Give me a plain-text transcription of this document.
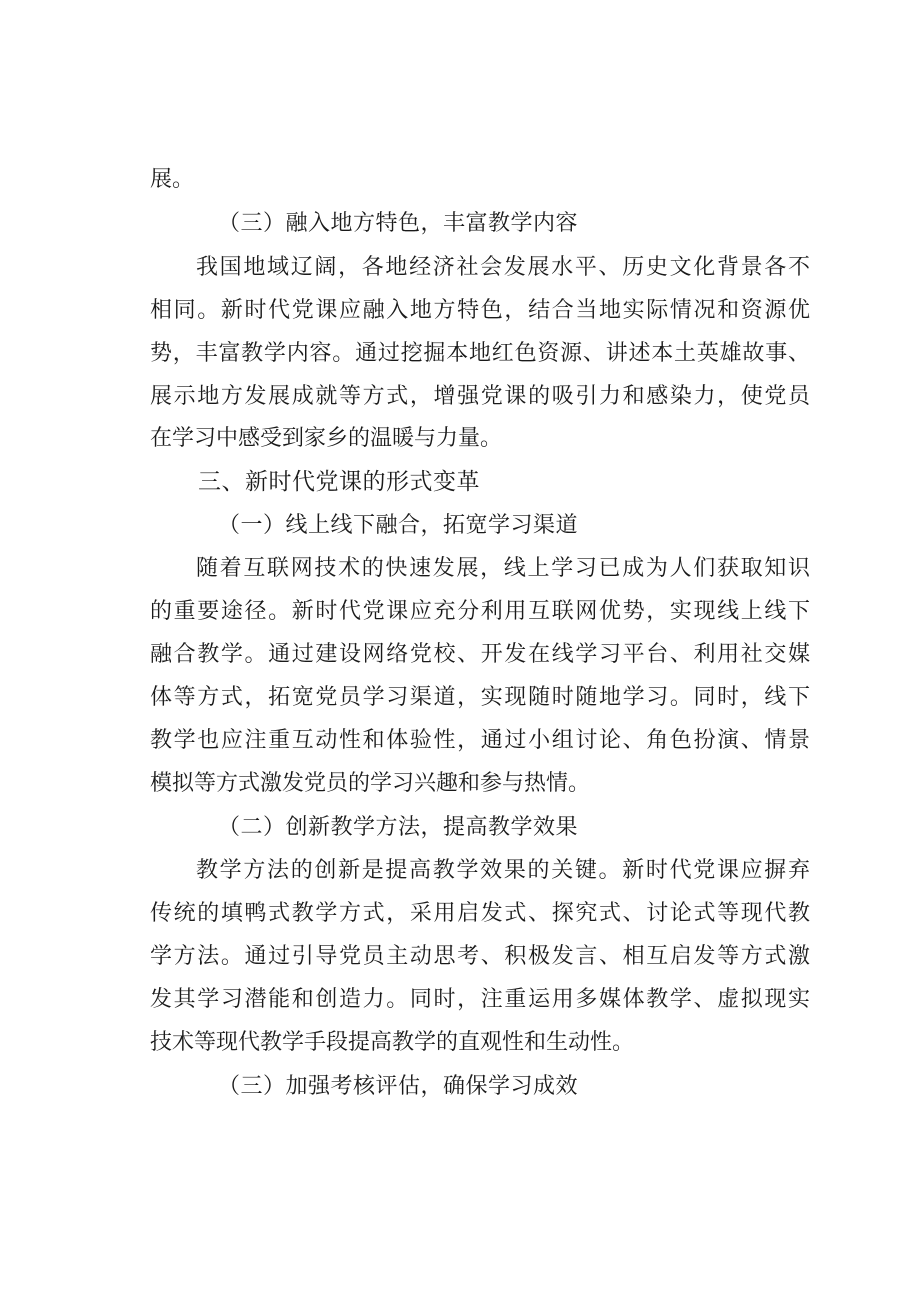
展。

（三）融入地方特色，丰富教学内容

我国地域辽阔，各地经济社会发展水平、历史文化背景各不

相同。新时代党课应融入地方特色，结合当地实际情况和资源优

势，丰富教学内容。通过挖掘本地红色资源、讲述本土英雄故事、

展示地方发展成就等方式，增强党课的吸引力和感染力，使党员

在学习中感受到家乡的温暖与力量。

三、新时代党课的形式变革

（一）线上线下融合，拓宽学习渠道

随着互联网技术的快速发展，线上学习已成为人们获取知识

的重要途径。新时代党课应充分利用互联网优势，实现线上线下

融合教学。通过建设网络党校、开发在线学习平台、利用社交媒

体等方式，拓宽党员学习渠道，实现随时随地学习。同时，线下

教学也应注重互动性和体验性，通过小组讨论、角色扮演、情景

模拟等方式激发党员的学习兴趣和参与热情。

（二）创新教学方法，提高教学效果

教学方法的创新是提高教学效果的关键。新时代党课应摒弃

传统的填鸭式教学方式，采用启发式、探究式、讨论式等现代教

学方法。通过引导党员主动思考、积极发言、相互启发等方式激

发其学习潜能和创造力。同时，注重运用多媒体教学、虚拟现实

技术等现代教学手段提高教学的直观性和生动性。

（三）加强考核评估，确保学习成效
